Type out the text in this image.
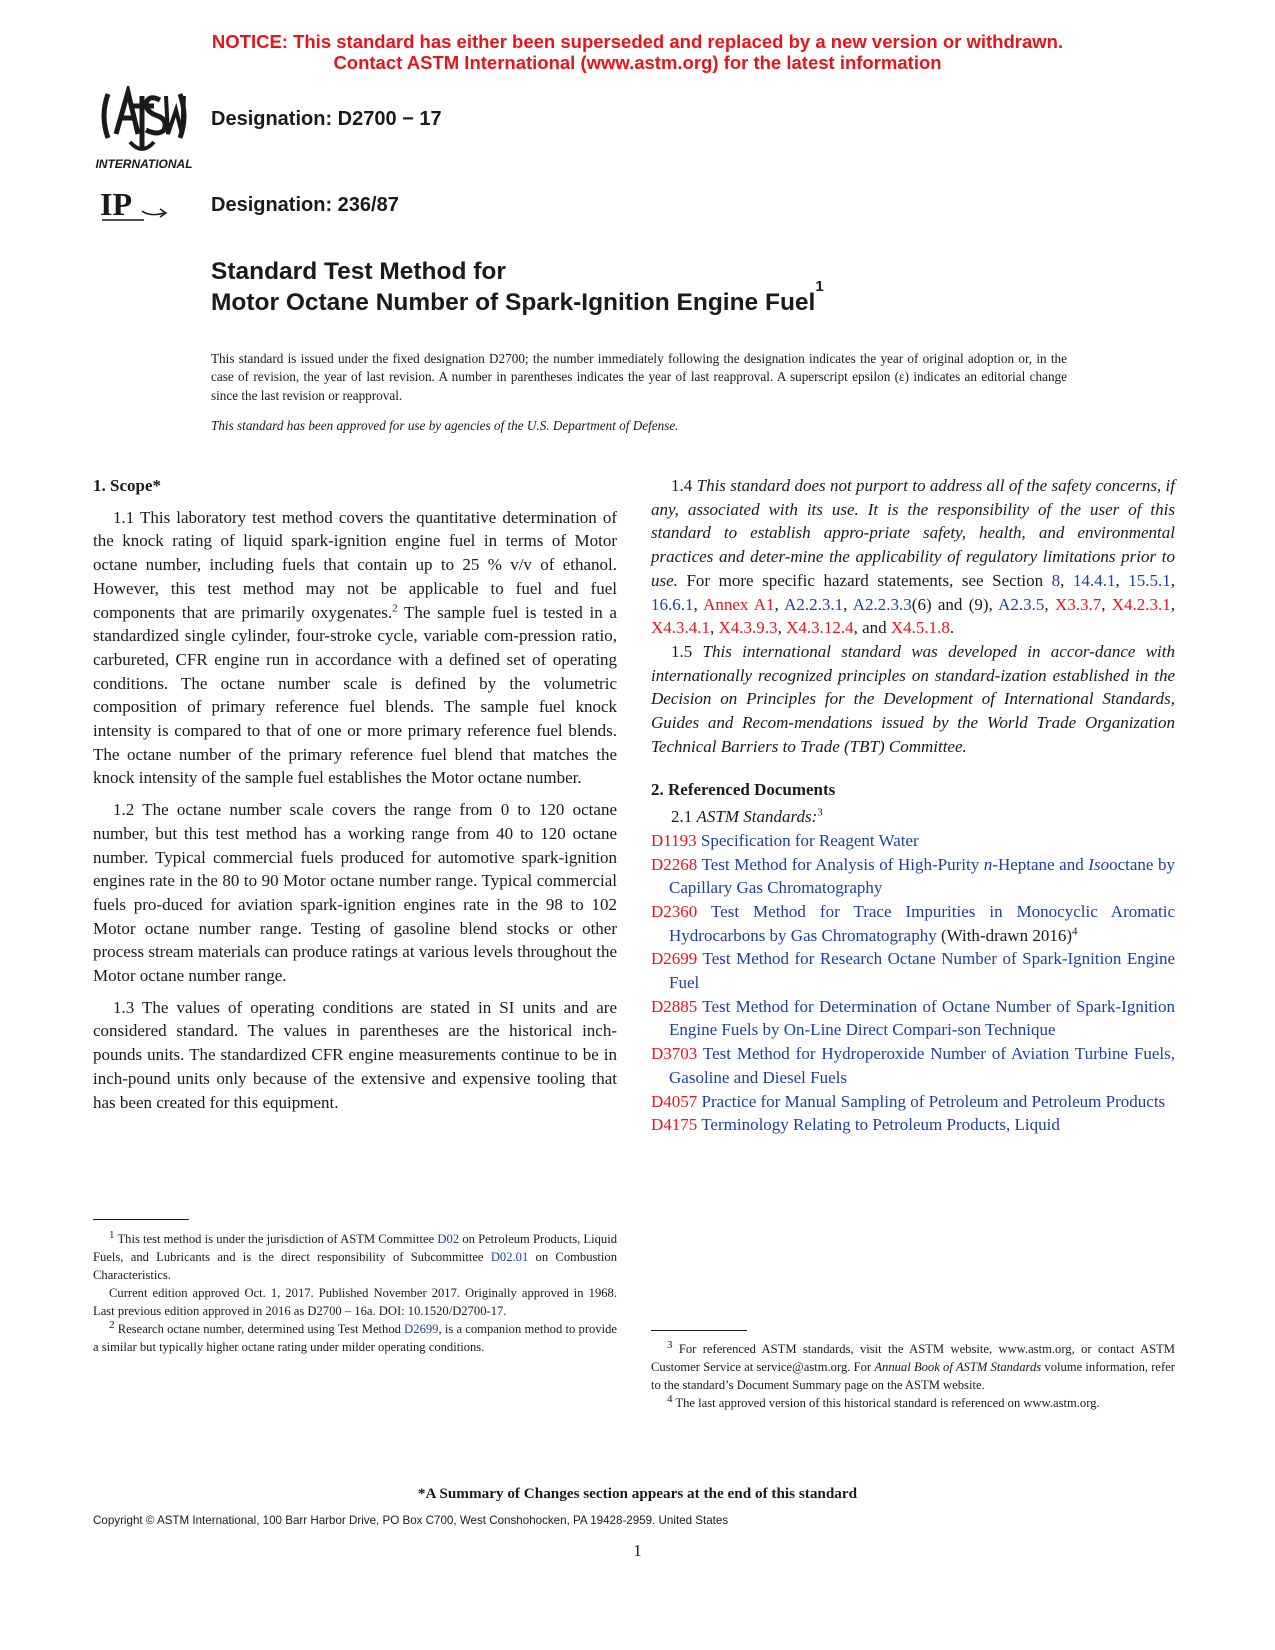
NOTICE: This standard has either been superseded and replaced by a new version or withdrawn.
Contact ASTM International (www.astm.org) for the latest information
INTERNATIONAL
IP
Designation: D2700 − 17
Designation: 236/87
Standard Test Method for
Motor Octane Number of Spark-Ignition Engine Fuel$^1$
This standard is issued under the fixed designation D2700; the number immediately following the designation indicates the year of original adoption or, in the case of revision, the year of last revision. A number in parentheses indicates the year of last reapproval. A superscript epsilon (ε) indicates an editorial change since the last revision or reapproval.
This standard has been approved for use by agencies of the U.S. Department of Defense.
1. Scope*

1.1 This laboratory test method covers the quantitative determination of the knock rating of liquid spark-ignition engine fuel in terms of Motor octane number, including fuels that contain up to 25 % v/v of ethanol. However, this test method may not be applicable to fuel and fuel components that are primarily oxygenates.$^2$ The sample fuel is tested in a standardized single cylinder, four-stroke cycle, variable com-pression ratio, carbureted, CFR engine run in accordance with a defined set of operating conditions. The octane number scale is defined by the volumetric composition of primary reference fuel blends. The sample fuel knock intensity is compared to that of one or more primary reference fuel blends. The octane number of the primary reference fuel blend that matches the knock intensity of the sample fuel establishes the Motor octane number.

1.2 The octane number scale covers the range from 0 to 120 octane number, but this test method has a working range from 40 to 120 octane number. Typical commercial fuels produced for automotive spark-ignition engines rate in the 80 to 90 Motor octane number range. Typical commercial fuels pro-duced for aviation spark-ignition engines rate in the 98 to 102 Motor octane number range. Testing of gasoline blend stocks or other process stream materials can produce ratings at various levels throughout the Motor octane number range.

1.3 The values of operating conditions are stated in SI units and are considered standard. The values in parentheses are the historical inch-pounds units. The standardized CFR engine measurements continue to be in inch-pound units only because of the extensive and expensive tooling that has been created for this equipment.

$^1$ This test method is under the jurisdiction of ASTM Committee D02 on Petroleum Products, Liquid Fuels, and Lubricants and is the direct responsibility of Subcommittee D02.01 on Combustion Characteristics.

Current edition approved Oct. 1, 2017. Published November 2017. Originally approved in 1968. Last previous edition approved in 2016 as D2700 – 16a. DOI: 10.1520/D2700-17.

$^2$ Research octane number, determined using Test Method D2699, is a companion method to provide a similar but typically higher octane rating under milder operating conditions.

1.4 This standard does not purport to address all of the safety concerns, if any, associated with its use. It is the responsibility of the user of this standard to establish appro-priate safety, health, and environmental practices and deter-mine the applicability of regulatory limitations prior to use. For more specific hazard statements, see Section 8, 14.4.1, 15.5.1, 16.6.1, Annex A1, A2.2.3.1, A2.2.3.3(6) and (9), A2.3.5, X3.3.7, X4.2.3.1, X4.3.4.1, X4.3.9.3, X4.3.12.4, and X4.5.1.8.

1.5 This international standard was developed in accor-dance with internationally recognized principles on standard-ization established in the Decision on Principles for the Development of International Standards, Guides and Recom-mendations issued by the World Trade Organization Technical Barriers to Trade (TBT) Committee.

2. Referenced Documents

2.1 ASTM Standards:$^3$

D1193 Specification for Reagent Water
D2268 Test Method for Analysis of High-Purity n-Heptane and Isooctane by Capillary Gas Chromatography
D2360 Test Method for Trace Impurities in Monocyclic Aromatic Hydrocarbons by Gas Chromatography (With-drawn 2016)$^4$
D2699 Test Method for Research Octane Number of Spark-Ignition Engine Fuel
D2885 Test Method for Determination of Octane Number of Spark-Ignition Engine Fuels by On-Line Direct Compari-son Technique
D3703 Test Method for Hydroperoxide Number of Aviation Turbine Fuels, Gasoline and Diesel Fuels
D4057 Practice for Manual Sampling of Petroleum and Petroleum Products
D4175 Terminology Relating to Petroleum Products, Liquid

$^3$ For referenced ASTM standards, visit the ASTM website, www.astm.org, or contact ASTM Customer Service at service@astm.org. For Annual Book of ASTM Standards volume information, refer to the standard’s Document Summary page on the ASTM website.

$^4$ The last approved version of this historical standard is referenced on www.astm.org.

*A Summary of Changes section appears at the end of this standard
Copyright © ASTM International, 100 Barr Harbor Drive, PO Box C700, West Conshohocken, PA 19428-2959. United States
1
